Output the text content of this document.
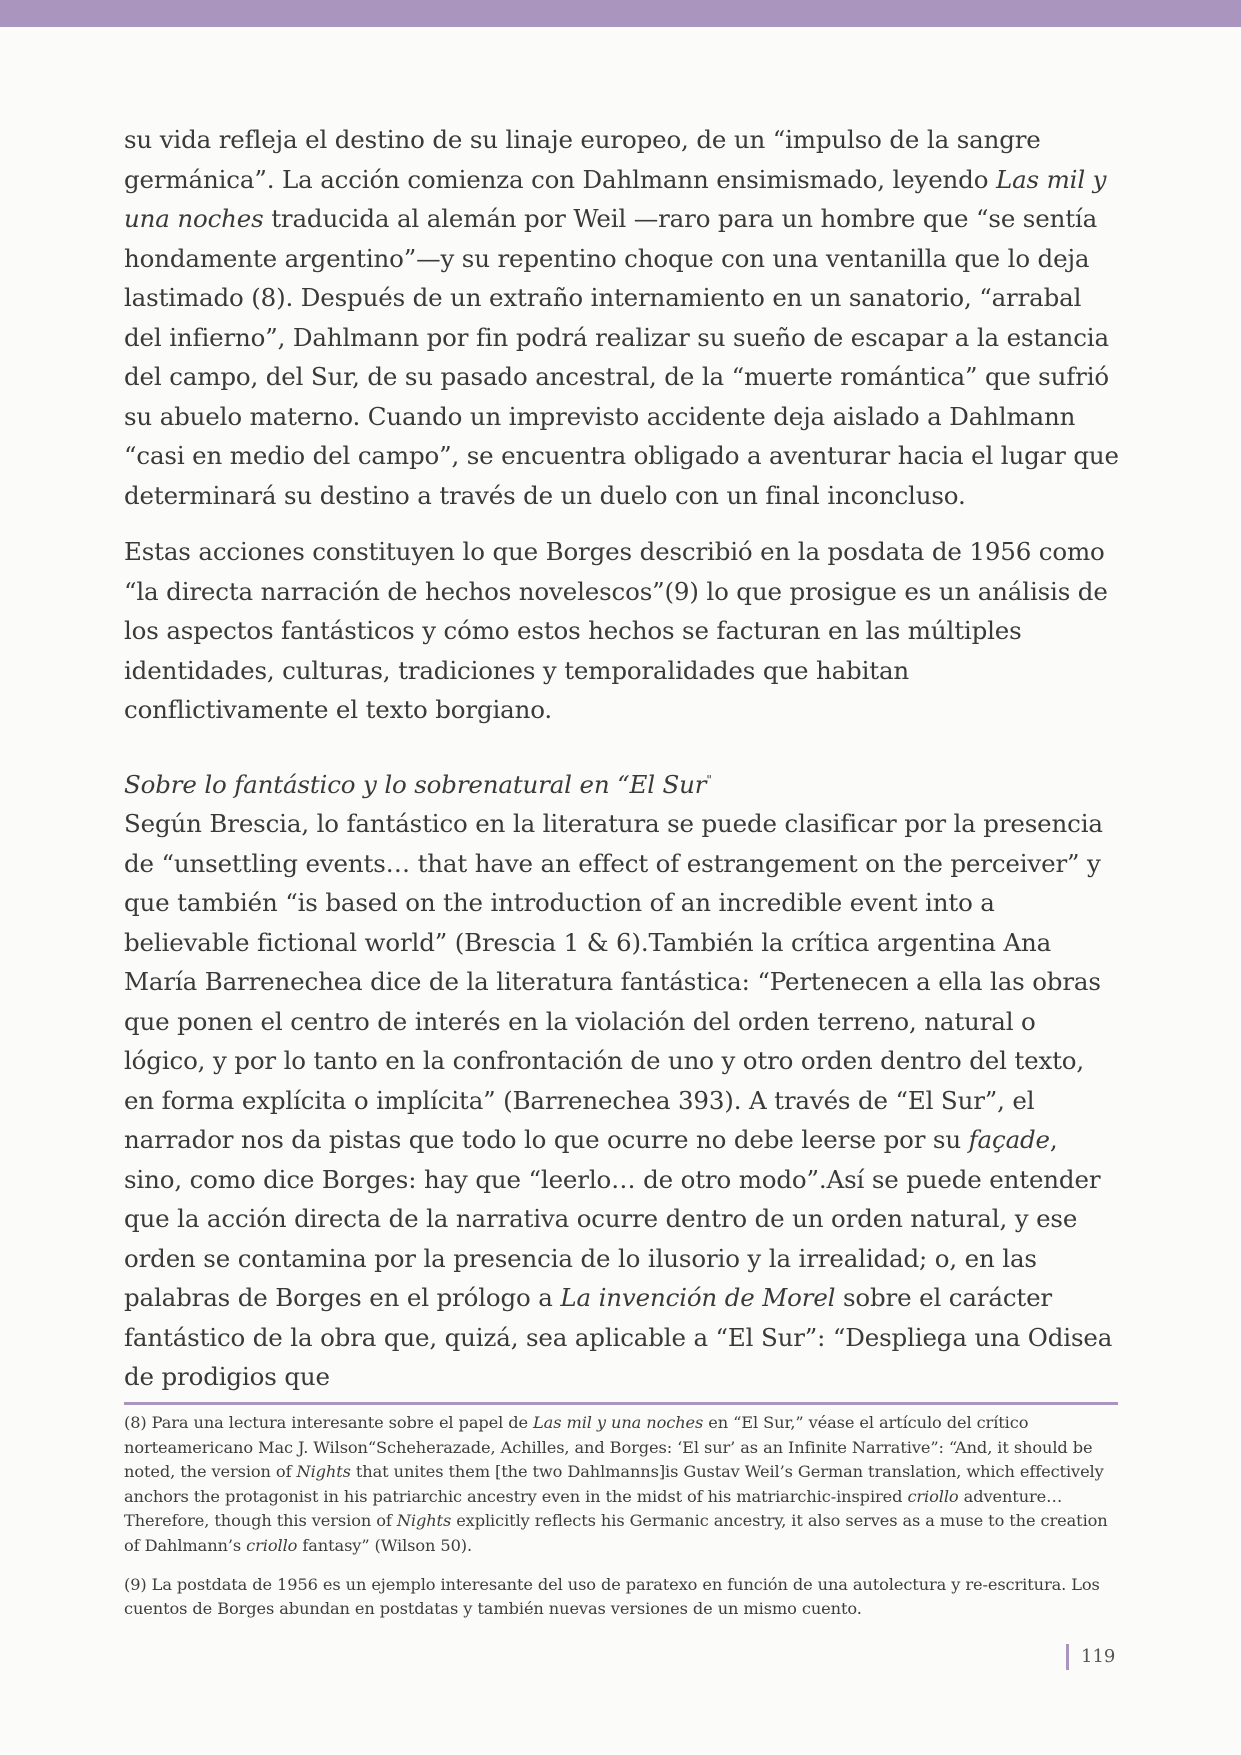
su vida refleja el destino de su linaje europeo, de un “impulso de la sangre germánica”. La acción comienza con Dahlmann ensimismado, leyendo Las mil y una noches traducida al alemán por Weil —raro para un hombre que “se sentía hondamente argentino”—y su repentino choque con una ventanilla que lo deja lastimado (8). Después de un extraño internamiento en un sanatorio, “arrabal del infierno”, Dahlmann por fin podrá realizar su sueño de escapar a la estancia del campo, del Sur, de su pasado ancestral, de la “muerte romántica” que sufrió su abuelo materno. Cuando un imprevisto accidente deja aislado a Dahlmann “casi en medio del campo”, se encuentra obligado a aventurar hacia el lugar que determinará su destino a través de un duelo con un final inconcluso.

Estas acciones constituyen lo que Borges describió en la posdata de 1956 como “la directa narración de hechos novelescos”(9) lo que prosigue es un análisis de los aspectos fantásticos y cómo estos hechos se facturan en las múltiples identidades, culturas, tradiciones y temporalidades que habitan conflictivamente el texto borgiano.

Sobre lo fantástico y lo sobrenatural en “El Sur"

Según Brescia, lo fantástico en la literatura se puede clasificar por la presencia de “unsettling events… that have an effect of estrangement on the perceiver” y que también “is based on the introduction of an incredible event into a believable fictional world” (Brescia 1 & 6).También la crítica argentina Ana María Barrenechea dice de la literatura fantástica: “Pertenecen a ella las obras que ponen el centro de interés en la violación del orden terreno, natural o lógico, y por lo tanto en la confrontación de uno y otro orden dentro del texto, en forma explícita o implícita” (Barrenechea 393). A través de “El Sur”, el narrador nos da pistas que todo lo que ocurre no debe leerse por su façade, sino, como dice Borges: hay que “leerlo… de otro modo”.Así se puede entender que la acción directa de la narrativa ocurre dentro de un orden natural, y ese orden se contamina por la presencia de lo ilusorio y la irrealidad; o, en las palabras de Borges en el prólogo a La invención de Morel sobre el carácter fantástico de la obra que, quizá, sea aplicable a “El Sur”: “Despliega una Odisea de prodigios que

(8) Para una lectura interesante sobre el papel de Las mil y una noches en “El Sur,” véase el artículo del crítico norteamericano Mac J. Wilson“Scheherazade, Achilles, and Borges: ‘El sur’ as an Infinite Narrative”: “And, it should be noted, the version of Nights that unites them [the two Dahlmanns]is Gustav Weil’s German translation, which effectively anchors the protagonist in his patriarchic ancestry even in the midst of his matriarchic-inspired criollo adventure… Therefore, though this version of Nights explicitly reflects his Germanic ancestry, it also serves as a muse to the creation of Dahlmann’s criollo fantasy” (Wilson 50).

(9) La postdata de 1956 es un ejemplo interesante del uso de paratexo en función de una autolectura y re-escritura. Los cuentos de Borges abundan en postdatas y también nuevas versiones de un mismo cuento.

119
